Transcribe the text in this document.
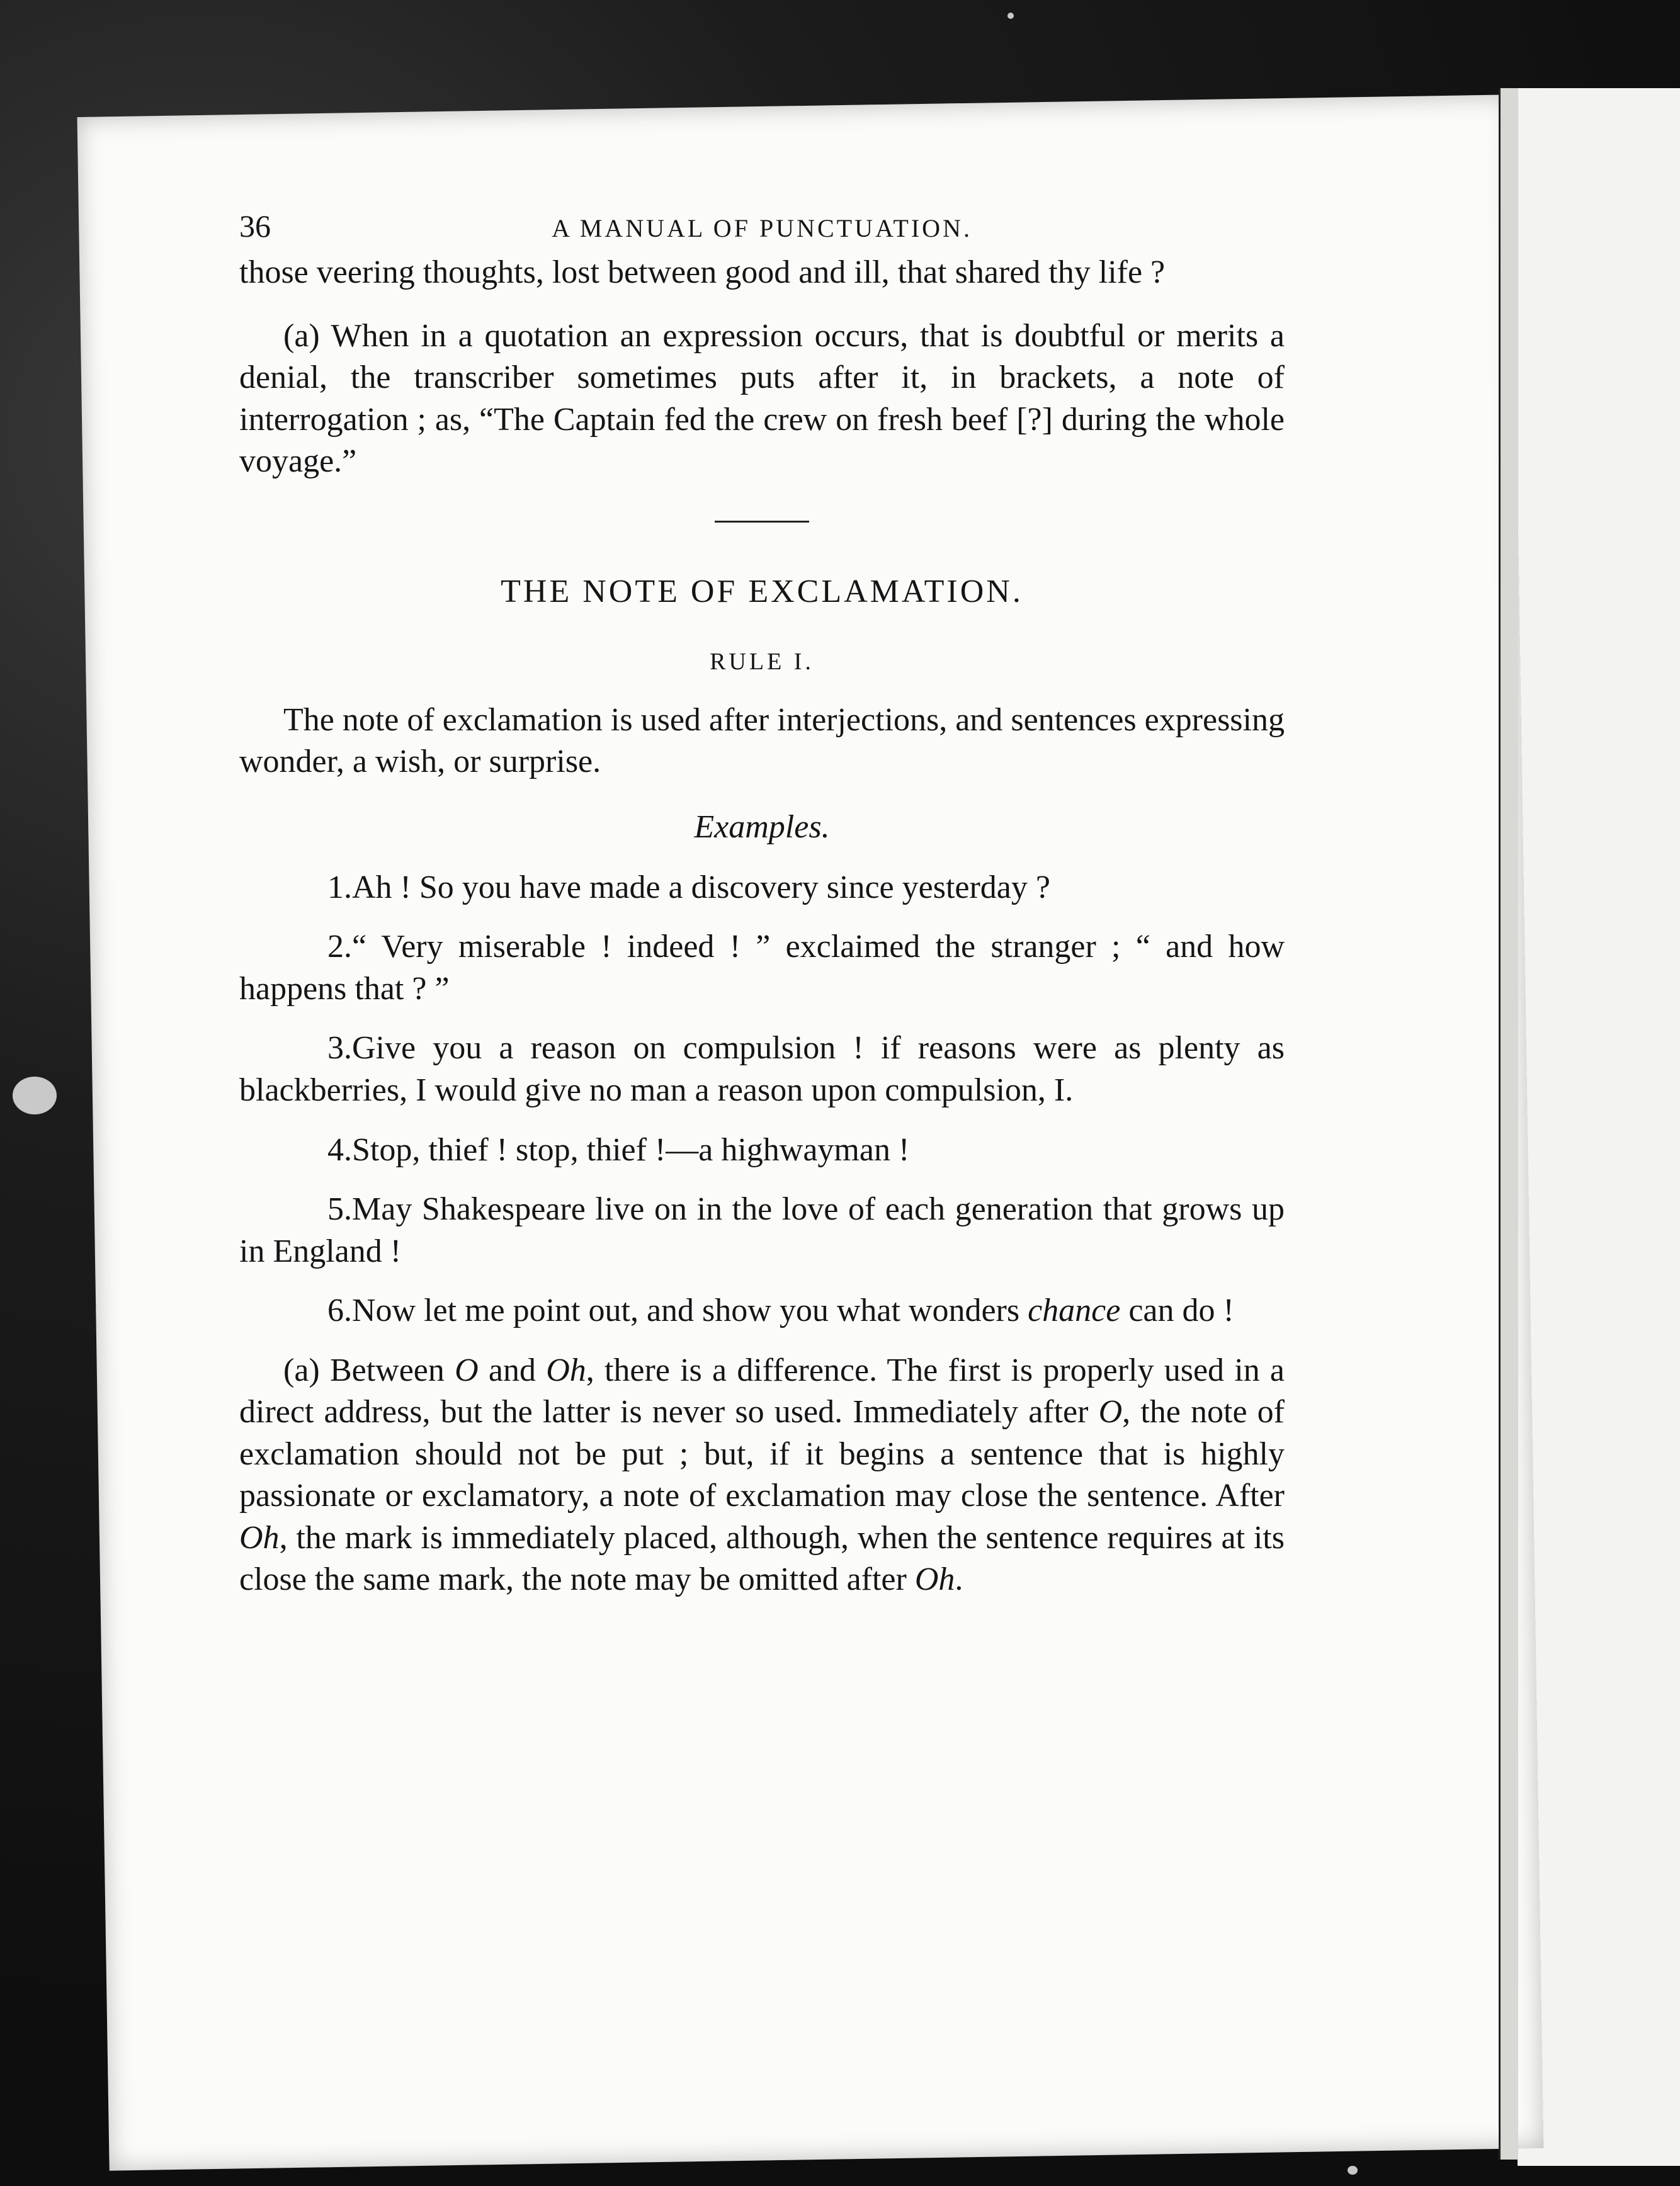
36	A MANUAL OF PUNCTUATION.

those veering thoughts, lost between good and ill, that shared thy life ?

(a) When in a quotation an expression occurs, that is doubtful or merits a denial, the transcriber sometimes puts after it, in brackets, a note of interrogation ; as, “The Captain fed the crew on fresh beef [?] during the whole voyage.”

THE NOTE OF EXCLAMATION.
RULE I.

The note of exclamation is used after interjections, and sentences expressing wonder, a wish, or surprise.

Examples.

1.Ah ! So you have made a discovery since yesterday ?

2.“ Very miserable ! indeed ! ” exclaimed the stranger ; “ and how happens that ? ”

3.Give you a reason on compulsion ! if reasons were as plenty as blackberries, I would give no man a reason upon compulsion, I.

4.Stop, thief ! stop, thief !—a highwayman !

5.May Shakespeare live on in the love of each generation that grows up in England !

6.Now let me point out, and show you what wonders chance can do !

(a) Between O and Oh, there is a difference. The first is properly used in a direct address, but the latter is never so used. Immediately after O, the note of exclamation should not be put ; but, if it begins a sentence that is highly passionate or exclamatory, a note of exclamation may close the sentence. After Oh, the mark is immediately placed, although, when the sentence requires at its close the same mark, the note may be omitted after Oh.
